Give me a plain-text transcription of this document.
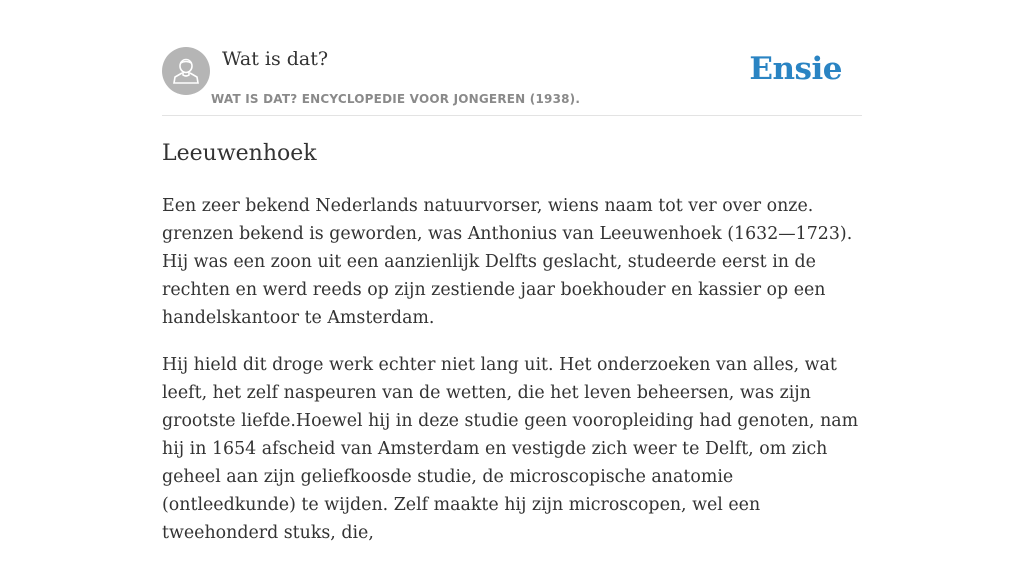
Wat is dat?
WAT IS DAT? ENCYCLOPEDIE VOOR JONGEREN (1938).
Ensie
Leeuwenhoek

Een zeer bekend Nederlands natuurvorser, wiens naam tot ver over onze. grenzen bekend is geworden, was Anthonius van Leeuwenhoek (1632—1723). Hij was een zoon uit een aanzienlijk Delfts geslacht, studeerde eerst in de rechten en werd reeds op zijn zestiende jaar boekhouder en kassier op een handelskantoor te Amsterdam.

Hij hield dit droge werk echter niet lang uit. Het onderzoeken van alles, wat leeft, het zelf naspeuren van de wetten, die het leven beheersen, was zijn grootste liefde.Hoewel hij in deze studie geen vooropleiding had genoten, nam hij in 1654 afscheid van Amsterdam en vestigde zich weer te Delft, om zich geheel aan zijn geliefkoosde studie, de microscopische anatomie (ontleedkunde) te wijden. Zelf maakte hij zijn microscopen, wel een tweehonderd stuks, die,
